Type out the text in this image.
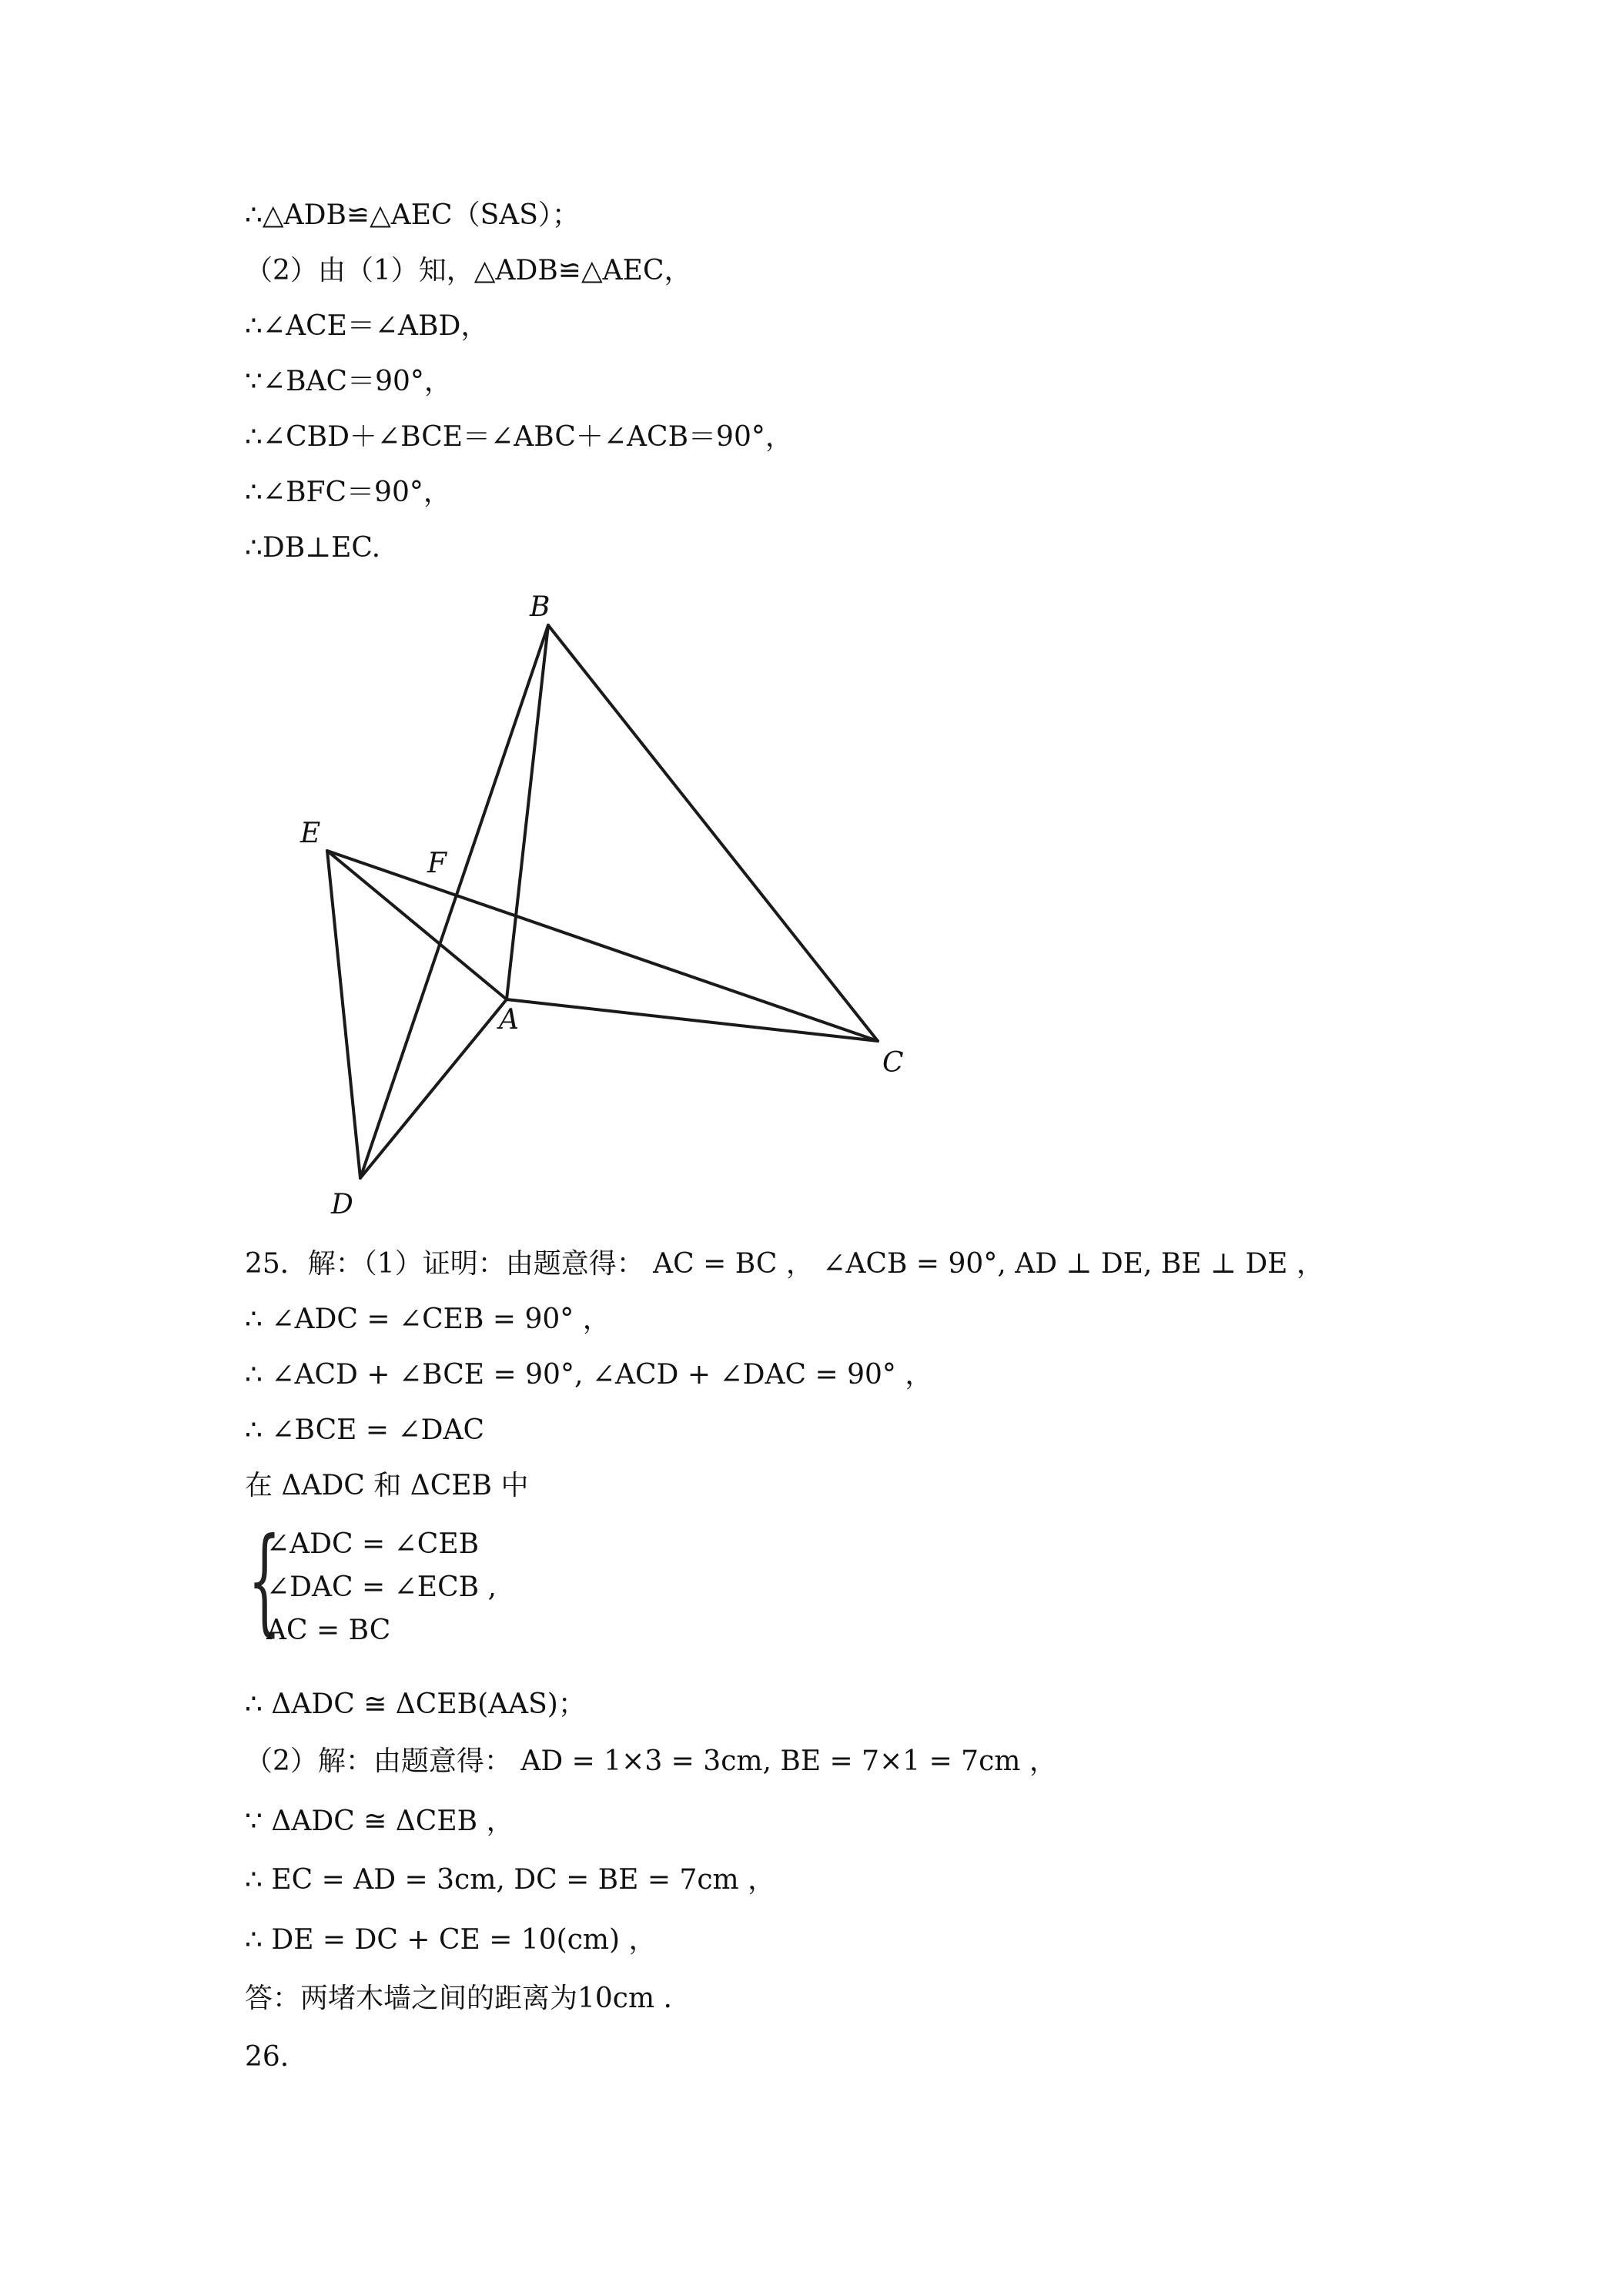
∴△ADB≌△AEC（SAS）；
（2）由（1）知，△ADB≌△AEC，
∴∠ACE＝∠ABD，
∵∠BAC＝90°，
∴∠CBD＋∠BCE＝∠ABC＋∠ACB＝90°，
∴∠BFC＝90°，
∴DB⊥EC.
B
E
F
A
C
D
25．解：（1）证明：由题意得： AC = BC ， ∠ACB = 90°, AD ⊥ DE, BE ⊥ DE ，
∴ ∠ADC = ∠CEB = 90° ，
∴ ∠ACD + ∠BCE = 90°, ∠ACD + ∠DAC = 90° ，
∴ ∠BCE = ∠DAC
在 ΔADC 和 ΔCEB 中
{
∠ADC = ∠CEB
∠DAC = ∠ECB ,
AC = BC
∴ ΔADC ≅ ΔCEB(AAS)；
（2）解：由题意得： AD = 1×3 = 3cm, BE = 7×1 = 7cm ，
∵ ΔADC ≅ ΔCEB ，
∴ EC = AD = 3cm, DC = BE = 7cm ，
∴ DE = DC + CE = 10(cm) ，
答：两堵木墙之间的距离为10cm .
26.
